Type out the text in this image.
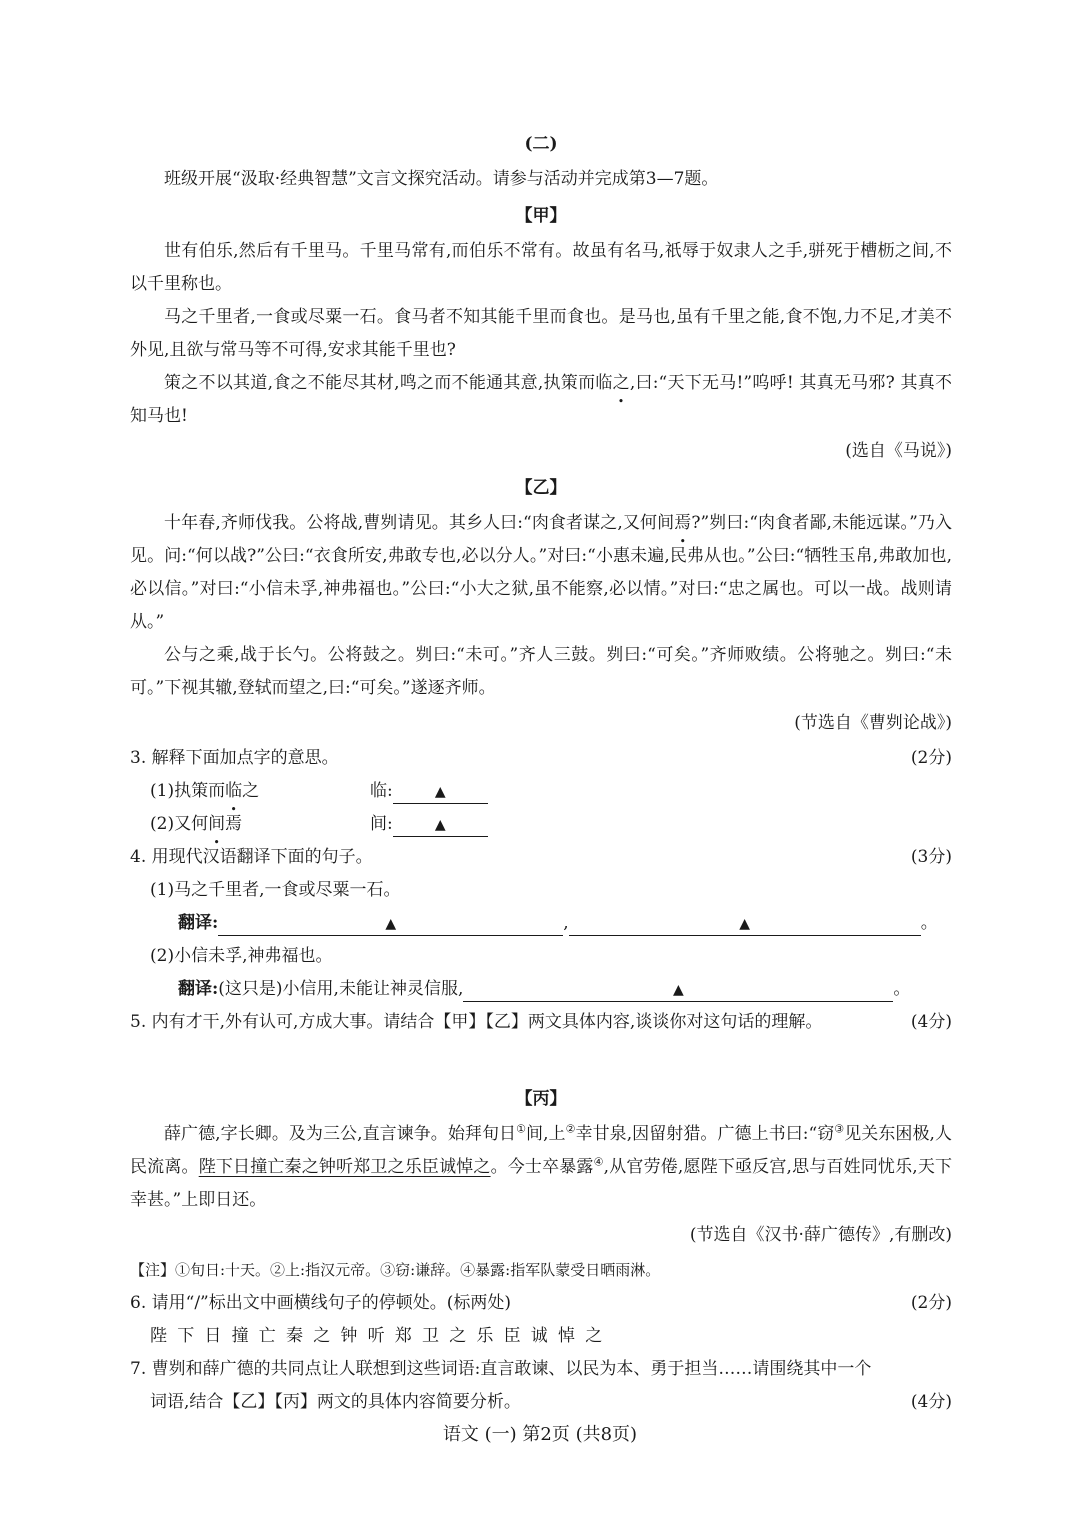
(二)

班级开展“汲取·经典智慧”文言文探究活动。请参与活动并完成第3—7题。

【甲】

世有伯乐,然后有千里马。千里马常有,而伯乐不常有。故虽有名马,祇辱于奴隶人之手,骈死于槽枥之间,不以千里称也。

马之千里者,一食或尽粟一石。食马者不知其能千里而食也。是马也,虽有千里之能,食不饱,力不足,才美不外见,且欲与常马等不可得,安求其能千里也?

策之不以其道,食之不能尽其材,鸣之而不能通其意,执策而临之,曰:“天下无马!”呜呼! 其真无马邪? 其真不知马也!

(选自《马说》)
【乙】

十年春,齐师伐我。公将战,曹刿请见。其乡人曰:“肉食者谋之,又何间焉?”刿曰:“肉食者鄙,未能远谋。”乃入见。问:“何以战?”公曰:“衣食所安,弗敢专也,必以分人。”对曰:“小惠未遍,民弗从也。”公曰:“牺牲玉帛,弗敢加也,必以信。”对曰:“小信未孚,神弗福也。”公曰:“小大之狱,虽不能察,必以情。”对曰:“忠之属也。可以一战。战则请从。”

公与之乘,战于长勺。公将鼓之。刿曰:“未可。”齐人三鼓。刿曰:“可矣。”齐师败绩。公将驰之。刿曰:“未可。”下视其辙,登轼而望之,曰:“可矣。”遂逐齐师。

(节选自《曹刿论战》)
3. 解释下面加点字的意思。	(2分)
(1)执策而临之	临:	▲
(2)又何间焉	间:	▲
4. 用现代汉语翻译下面的句子。	(3分)
(1)马之千里者,一食或尽粟一石。
翻译:	▲	,	▲	。
(2)小信未孚,神弗福也。
翻译:(这只是)小信用,未能让神灵信服,	▲	。
5. 内有才干,外有认可,方成大事。请结合【甲】【乙】两文具体内容,谈谈你对这句话的理解。	(4分)
【丙】

薛广德,字长卿。及为三公,直言谏争。始拜旬日①间,上②幸甘泉,因留射猎。广德上书曰:“窃③见关东困极,人民流离。陛下日撞亡秦之钟听郑卫之乐臣诚悼之。今士卒暴露④,从官劳倦,愿陛下亟反宫,思与百姓同忧乐,天下幸甚。”上即日还。

(节选自《汉书·薛广德传》,有删改)
【注】①旬日:十天。②上:指汉元帝。③窃:谦辞。④暴露:指军队蒙受日晒雨淋。
6. 请用“/”标出文中画横线句子的停顿处。(标两处)	(2分)
陛下日撞亡秦之钟听郑卫之乐臣诚悼之
7. 曹刿和薛广德的共同点让人联想到这些词语:直言敢谏、以民为本、勇于担当……请围绕其中一个
词语,结合【乙】【丙】两文的具体内容简要分析。	(4分)
语文 (一) 第2页 (共8页)
